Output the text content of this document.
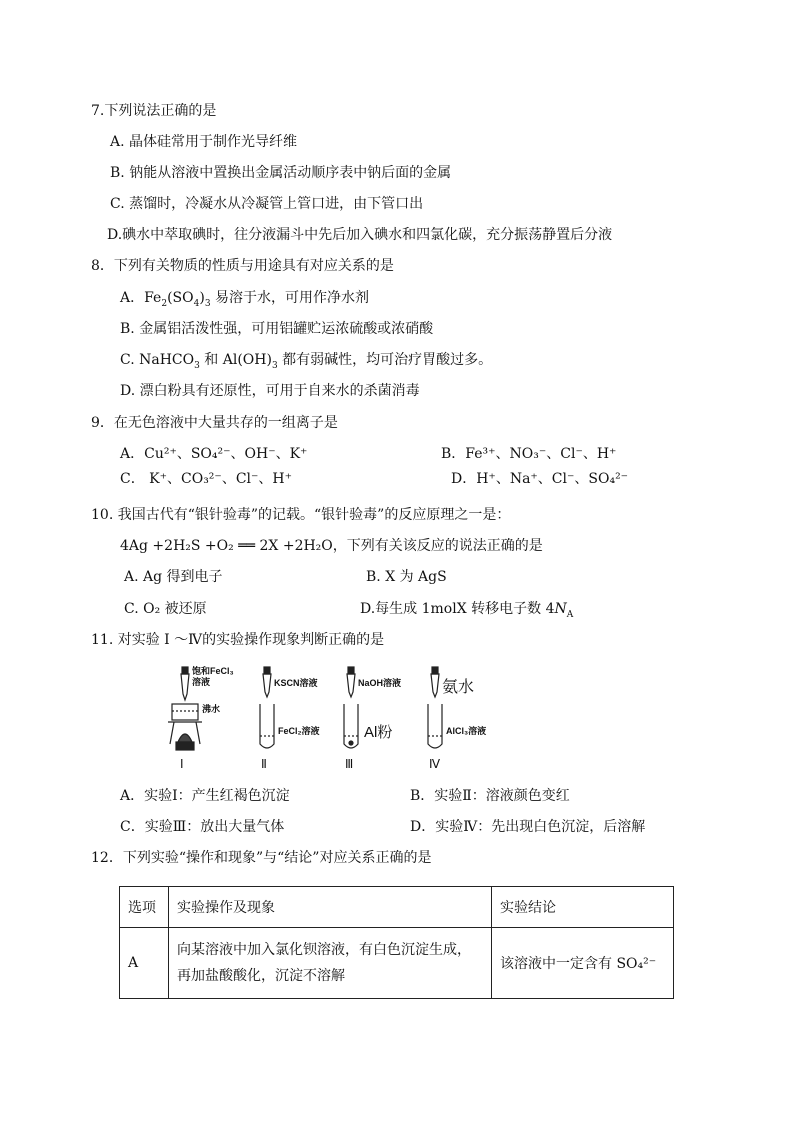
7.下列说法正确的是
A. 晶体硅常用于制作光导纤维
B. 钠能从溶液中置换出金属活动顺序表中钠后面的金属
C. 蒸馏时，冷凝水从冷凝管上管口进，由下管口出
D.碘水中萃取碘时，往分液漏斗中先后加入碘水和四氯化碳，充分振荡静置后分液
8．下列有关物质的性质与用途具有对应关系的是
A．$Fe_2(SO_4)_3$ 易溶于水，可用作净水剂
B. 金属铝活泼性强，可用铝罐贮运浓硫酸或浓硝酸
C. NaHCO$_3$ 和 $Al(OH)_3$ 都有弱碱性，均可治疗胃酸过多。
D. 漂白粉具有还原性，可用于自来水的杀菌消毒
9．在无色溶液中大量共存的一组离子是
A．Cu²⁺、SO₄²⁻、OH⁻、K⁺	B．Fe³⁺、NO₃⁻、Cl⁻、H⁺
C． K⁺、CO₃²⁻、Cl⁻、H⁺	D．H⁺、Na⁺、Cl⁻、SO₄²⁻
10. 我国古代有“银针验毒”的记载。“银针验毒”的反应原理之一是：
4Ag +2H₂S +O₂ ══ 2X +2H₂O，下列有关该反应的说法正确的是
A. Ag 得到电子	B. X 为 AgS
C. O₂ 被还原	D.每生成 1molX 转移电子数 $4N_A$
11. 对实验 Ⅰ ～Ⅳ的实验操作现象判断正确的是
饱和FeCl₃
溶液
沸水
KSCN溶液
FeCl₂溶液
NaOH溶液
Al粉
氨水
AlCl₃溶液
Ⅰ	Ⅱ	Ⅲ	Ⅳ
A．实验Ⅰ：产生红褐色沉淀	B．实验Ⅱ：溶液颜色变红
C．实验Ⅲ：放出大量气体	D．实验Ⅳ：先出现白色沉淀，后溶解
12．下列实验“操作和现象”与“结论”对应关系正确的是
选项	实验操作及现象	实验结论
A	向某溶液中加入氯化钡溶液，有白色沉淀生成，
再加盐酸酸化，沉淀不溶解	该溶液中一定含有 SO₄²⁻
